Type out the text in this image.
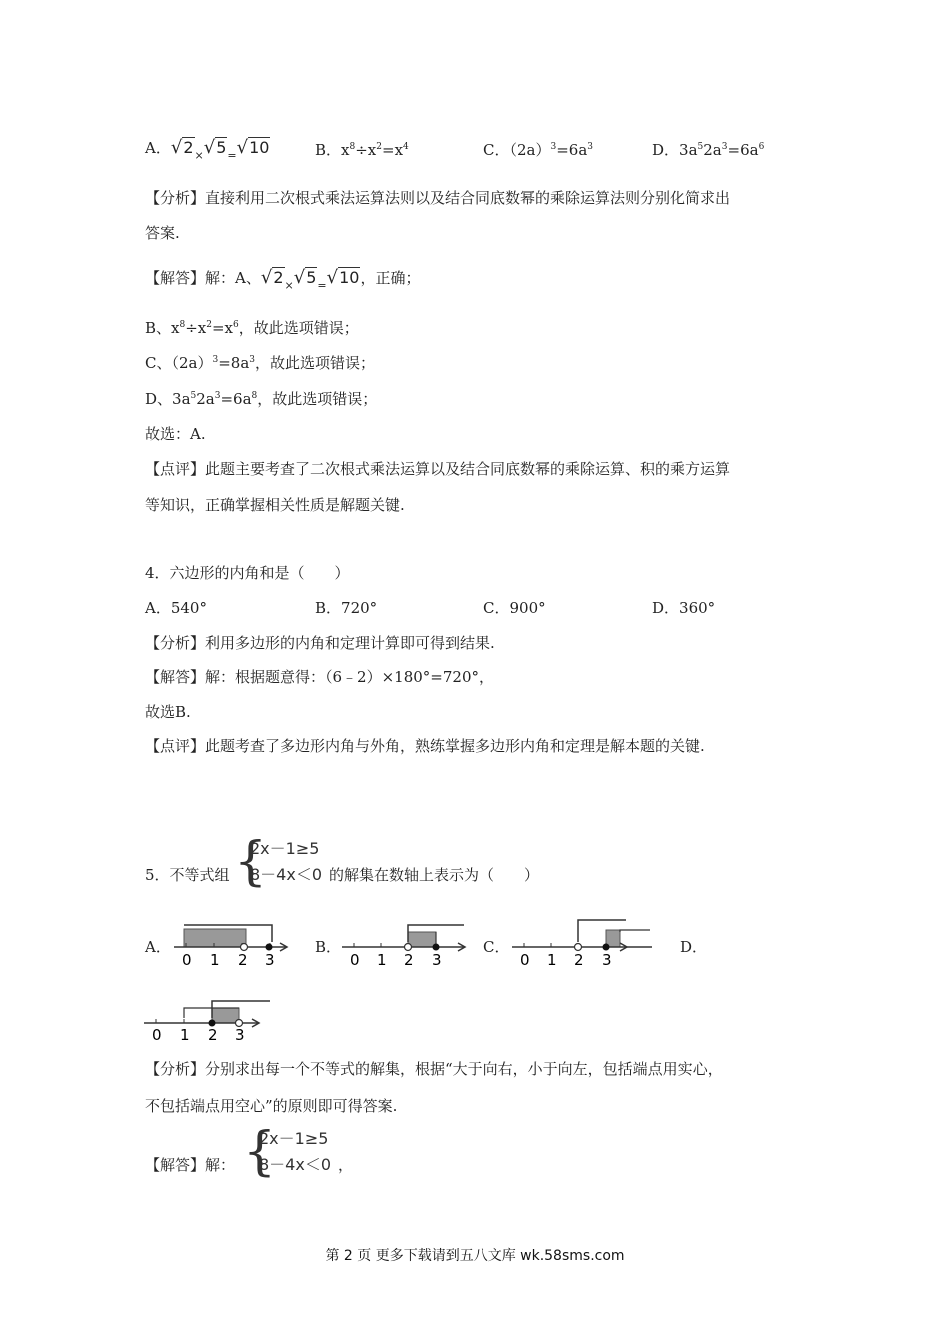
A．$√2_\times√5_=√10$	B．$x^8\div x^2=x^4$	C．$(2a)^3=6a^3$	D．$3a^52a^3=6a^6$
【分析】直接利用二次根式乘法运算法则以及结合同底数幂的乘除运算法则分别化简求出
答案.
【解答】解：A、$√2_\times√5_=√10$，正确；
B、$x^8\div x^2=x^6$，故此选项错误；
C、$(2a)^3=8a^3$，故此选项错误；
D、$3a^52a^3=6a^8$，故此选项错误；
故选：A.
【点评】此题主要考查了二次根式乘法运算以及结合同底数幂的乘除运算、积的乘方运算
等知识，正确掌握相关性质是解题关键.
4．六边形的内角和是（　　）
A．540°	B．720°	C．900°	D．360°
【分析】利用多边形的内角和定理计算即可得到结果.
【解答】解：根据题意得：（6﹣2）×180°=720°，
故选B.
【点评】此题考查了多边形内角与外角，熟练掌握多边形内角和定理是解本题的关键.
5．不等式组 {
2x－1≥5
8－4x＜0 的解集在数轴上表示为（　　）
A．	B．	C．	D．
0 1 2 3	0 1 2 3	0 1 2 3
0 1 2 3
【分析】分别求出每一个不等式的解集，根据“大于向右，小于向左，包括端点用实心，
不包括端点用空心”的原则即可得答案.
【解答】解： {
2x－1≥5
8－4x＜0 ，
第 2 页 更多下载请到五八文库 wk.58sms.com
